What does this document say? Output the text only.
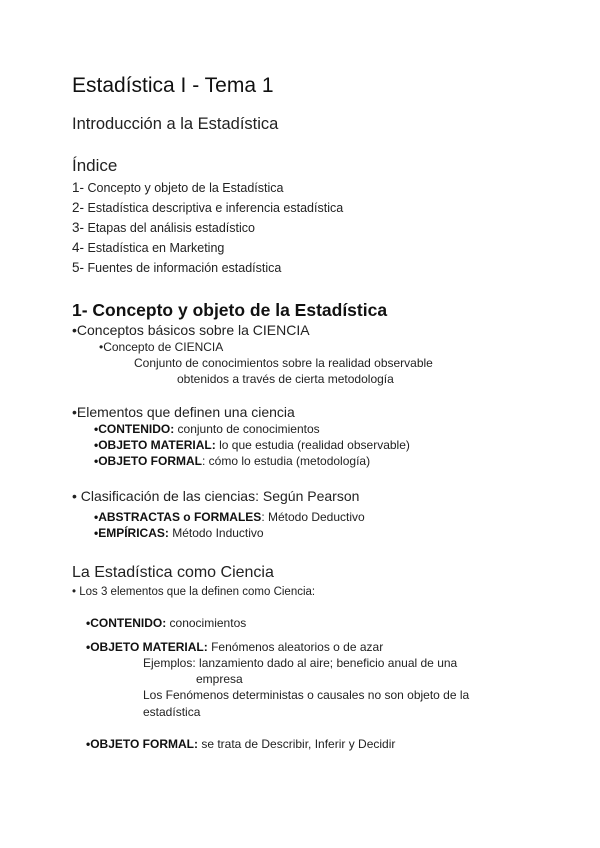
Estadística I - Tema 1
Introducción a la Estadística
Índice
1- Concepto y objeto de la Estadística
2- Estadística descriptiva e inferencia estadística
3- Etapas del análisis estadístico
4- Estadística en Marketing
5- Fuentes de información estadística
1- Concepto y objeto de la Estadística
•Conceptos básicos sobre la CIENCIA
•Concepto de CIENCIA
Conjunto de conocimientos sobre la realidad observable
obtenidos a través de cierta metodología
•Elementos que definen una ciencia
•CONTENIDO: conjunto de conocimientos
•OBJETO MATERIAL: lo que estudia (realidad observable)
•OBJETO FORMAL: cómo lo estudia (metodología)
• Clasificación de las ciencias: Según Pearson
•ABSTRACTAS o FORMALES: Método Deductivo
•EMPÍRICAS: Método Inductivo
La Estadística como Ciencia
• Los 3 elementos que la definen como Ciencia:
•CONTENIDO: conocimientos
•OBJETO MATERIAL: Fenómenos aleatorios o de azar
Ejemplos: lanzamiento dado al aire; beneficio anual de una
empresa
Los Fenómenos deterministas o causales no son objeto de la
estadística
•OBJETO FORMAL: se trata de Describir, Inferir y Decidir
